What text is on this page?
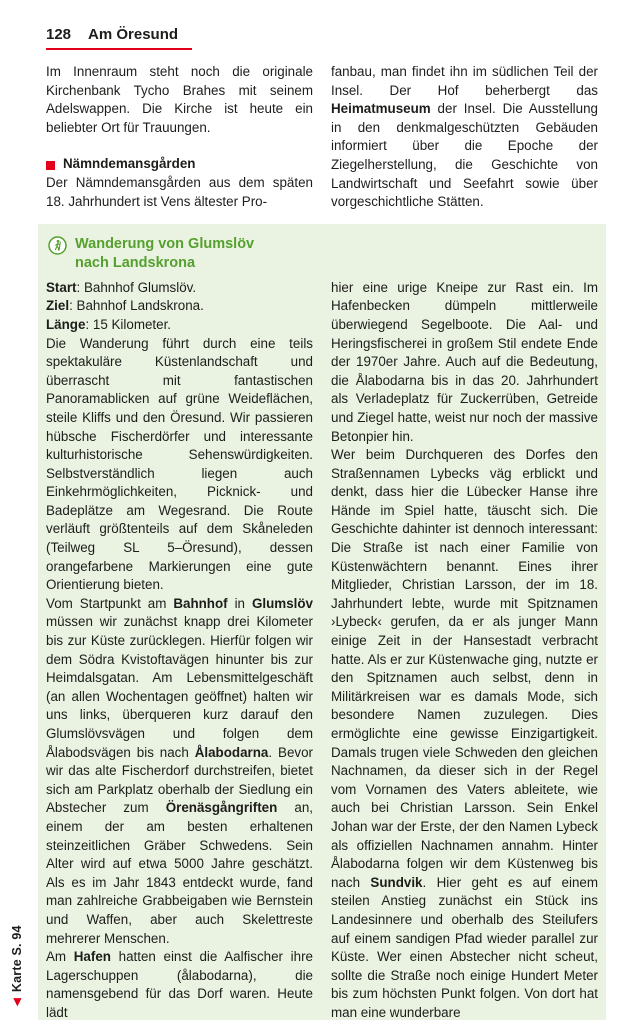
128 Am Öresund

Im Innenraum steht noch die originale Kirchenbank Tycho Brahes mit seinem Adelswappen. Die Kirche ist heute ein beliebter Ort für Trauungen.

Nämndemansgården

Der Nämndemansgården aus dem späten 18. Jahrhundert ist Vens ältester Pro-

fanbau, man findet ihn im südlichen Teil der Insel. Der Hof beherbergt das Heimatmuseum der Insel. Die Ausstellung in den denkmalgeschützten Gebäuden informiert über die Epoche der Ziegelherstellung, die Geschichte von Landwirtschaft und Seefahrt sowie über vorgeschichtliche Stätten.

Wanderung von Glumslöv nach Landskrona

Start: Bahnhof Glumslöv.

Ziel: Bahnhof Landskrona.

Länge: 15 Kilometer.

Die Wanderung führt durch eine teils spektakuläre Küstenlandschaft und überrascht mit fantastischen Panoramablicken auf grüne Weideflächen, steile Kliffs und den Öresund. Wir passieren hübsche Fischerdörfer und interessante kulturhistorische Sehenswürdigkeiten. Selbstverständlich liegen auch Einkehrmöglichkeiten, Picknick- und Badeplätze am Wegesrand. Die Route verläuft größtenteils auf dem Skåneleden (Teilweg SL 5–Öresund), dessen orangefarbene Markierungen eine gute Orientierung bieten.

Vom Startpunkt am Bahnhof in Glumslöv müssen wir zunächst knapp drei Kilometer bis zur Küste zurücklegen. Hierfür folgen wir dem Södra Kvistoftavägen hinunter bis zur Heimdalsgatan. Am Lebensmittelgeschäft (an allen Wochentagen geöffnet) halten wir uns links, überqueren kurz darauf den Glumslövsvägen und folgen dem Ålabodsvägen bis nach Ålabodarna. Bevor wir das alte Fischerdorf durchstreifen, bietet sich am Parkplatz oberhalb der Siedlung ein Abstecher zum Örenäsgångriften an, einem der am besten erhaltenen steinzeitlichen Gräber Schwedens. Sein Alter wird auf etwa 5000 Jahre geschätzt. Als es im Jahr 1843 entdeckt wurde, fand man zahlreiche Grabbeigaben wie Bernstein und Waffen, aber auch Skelettreste mehrerer Menschen.

Am Hafen hatten einst die Aalfischer ihre Lagerschuppen (ålabodarna), die namensgebend für das Dorf waren. Heute lädt

hier eine urige Kneipe zur Rast ein. Im Hafenbecken dümpeln mittlerweile überwiegend Segelboote. Die Aal- und Heringsfischerei in großem Stil endete Ende der 1970er Jahre. Auch auf die Bedeutung, die Ålabodarna bis in das 20. Jahrhundert als Verladeplatz für Zuckerrüben, Getreide und Ziegel hatte, weist nur noch der massive Betonpier hin.

Wer beim Durchqueren des Dorfes den Straßennamen Lybecks väg erblickt und denkt, dass hier die Lübecker Hanse ihre Hände im Spiel hatte, täuscht sich. Die Geschichte dahinter ist dennoch interessant: Die Straße ist nach einer Familie von Küstenwächtern benannt. Eines ihrer Mitglieder, Christian Larsson, der im 18. Jahrhundert lebte, wurde mit Spitznamen ›Lybeck‹ gerufen, da er als junger Mann einige Zeit in der Hansestadt verbracht hatte. Als er zur Küstenwache ging, nutzte er den Spitznamen auch selbst, denn in Militärkreisen war es damals Mode, sich besondere Namen zuzulegen. Dies ermöglichte eine gewisse Einzigartigkeit. Damals trugen viele Schweden den gleichen Nachnamen, da dieser sich in der Regel vom Vornamen des Vaters ableitete, wie auch bei Christian Larsson. Sein Enkel Johan war der Erste, der den Namen Lybeck als offiziellen Nachnamen annahm. Hinter Ålabodarna folgen wir dem Küstenweg bis nach Sundvik. Hier geht es auf einem steilen Anstieg zunächst ein Stück ins Landesinnere und oberhalb des Steilufers auf einem sandigen Pfad wieder parallel zur Küste. Wer einen Abstecher nicht scheut, sollte die Straße noch einige Hundert Meter bis zum höchsten Punkt folgen. Von dort hat man eine wunderbare

◀Karte S. 94
